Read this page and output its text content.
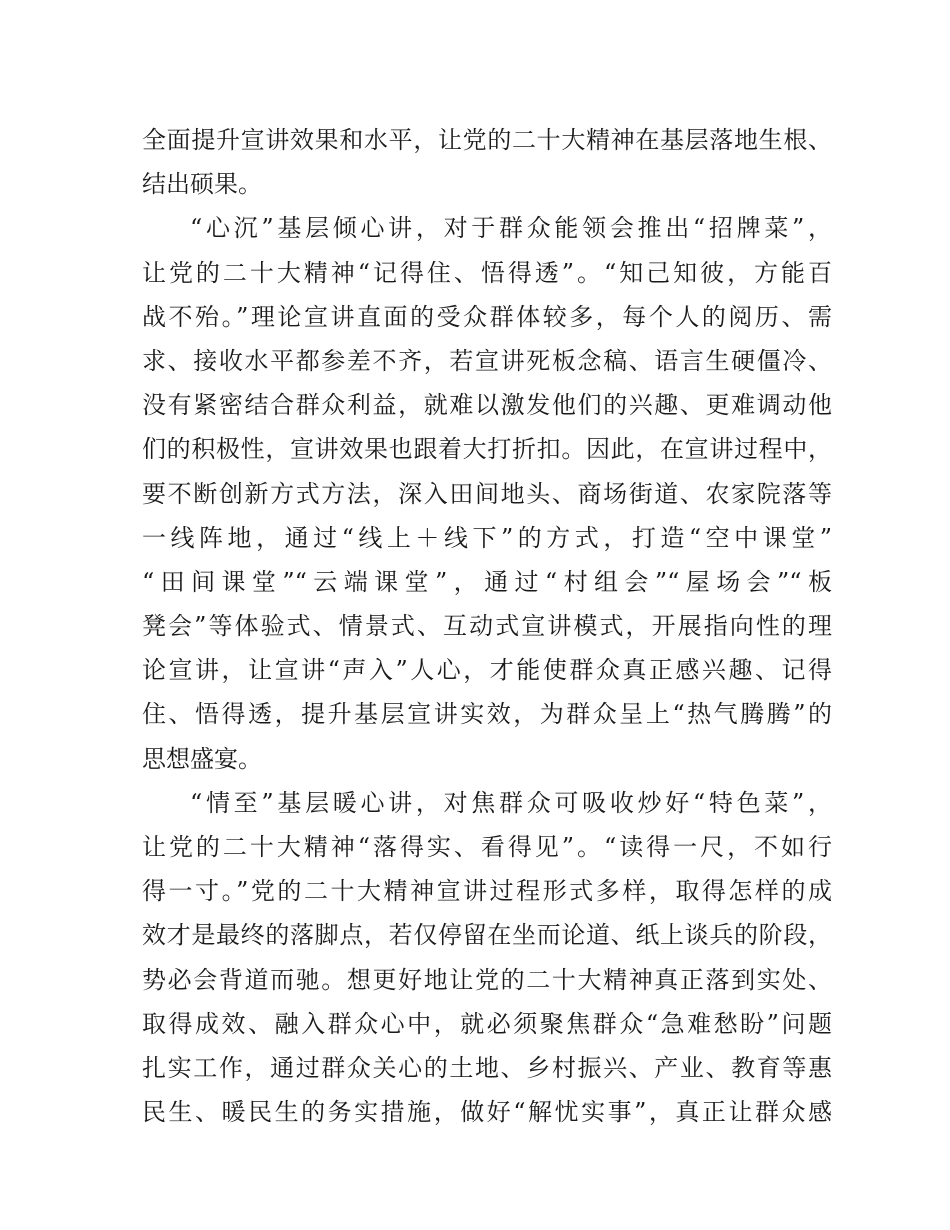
全面提升宣讲效果和水平，让党的二十大精神在基层落地生根、
结出硕果。
“心沉”基层倾心讲，对于群众能领会推出“招牌菜”，
让党的二十大精神“记得住、悟得透”。“知己知彼，方能百
战不殆。”理论宣讲直面的受众群体较多，每个人的阅历、需
求、接收水平都参差不齐，若宣讲死板念稿、语言生硬僵冷、
没有紧密结合群众利益，就难以激发他们的兴趣、更难调动他
们的积极性，宣讲效果也跟着大打折扣。因此，在宣讲过程中，
要不断创新方式方法，深入田间地头、商场街道、农家院落等
一线阵地，通过“线上＋线下”的方式，打造“空中课堂”
“田间课堂”“云端课堂”，通过“村组会”“屋场会”“板
凳会”等体验式、情景式、互动式宣讲模式，开展指向性的理
论宣讲，让宣讲“声入”人心，才能使群众真正感兴趣、记得
住、悟得透，提升基层宣讲实效，为群众呈上“热气腾腾”的
思想盛宴。
“情至”基层暖心讲，对焦群众可吸收炒好“特色菜”，
让党的二十大精神“落得实、看得见”。“读得一尺，不如行
得一寸。”党的二十大精神宣讲过程形式多样，取得怎样的成
效才是最终的落脚点，若仅停留在坐而论道、纸上谈兵的阶段，
势必会背道而驰。想更好地让党的二十大精神真正落到实处、
取得成效、融入群众心中，就必须聚焦群众“急难愁盼”问题
扎实工作，通过群众关心的土地、乡村振兴、产业、教育等惠
民生、暖民生的务实措施，做好“解忧实事”，真正让群众感
